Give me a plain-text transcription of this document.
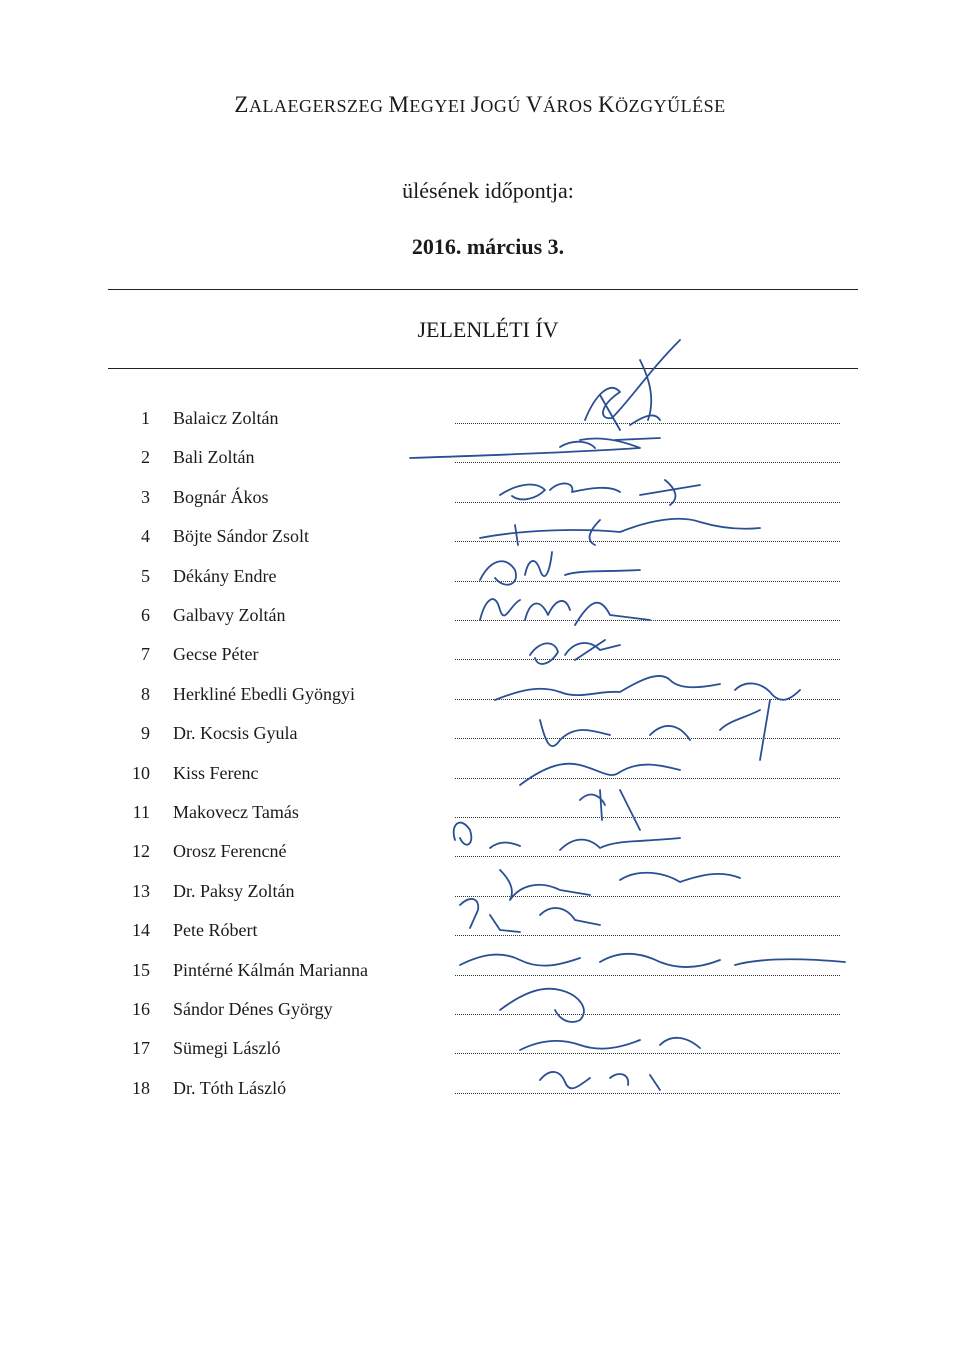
ZALAEGERSZEG MEGYEI JOGÚ VÁROS KÖZGYŰLÉSE
ülésének időpontja:
2016. március 3.
JELENLÉTI ÍV
1 Balaicz Zoltán
2 Bali Zoltán
3 Bognár Ákos
4 Böjte Sándor Zsolt
5 Dékány Endre
6 Galbavy Zoltán
7 Gecse Péter
8 Herkliné Ebedli Gyöngyi
9 Dr. Kocsis Gyula
10 Kiss Ferenc
11 Makovecz Tamás
12 Orosz Ferencné
13 Dr. Paksy Zoltán
14 Pete Róbert
15 Pintérné Kálmán Marianna
16 Sándor Dénes György
17 Sümegi László
18 Dr. Tóth László
